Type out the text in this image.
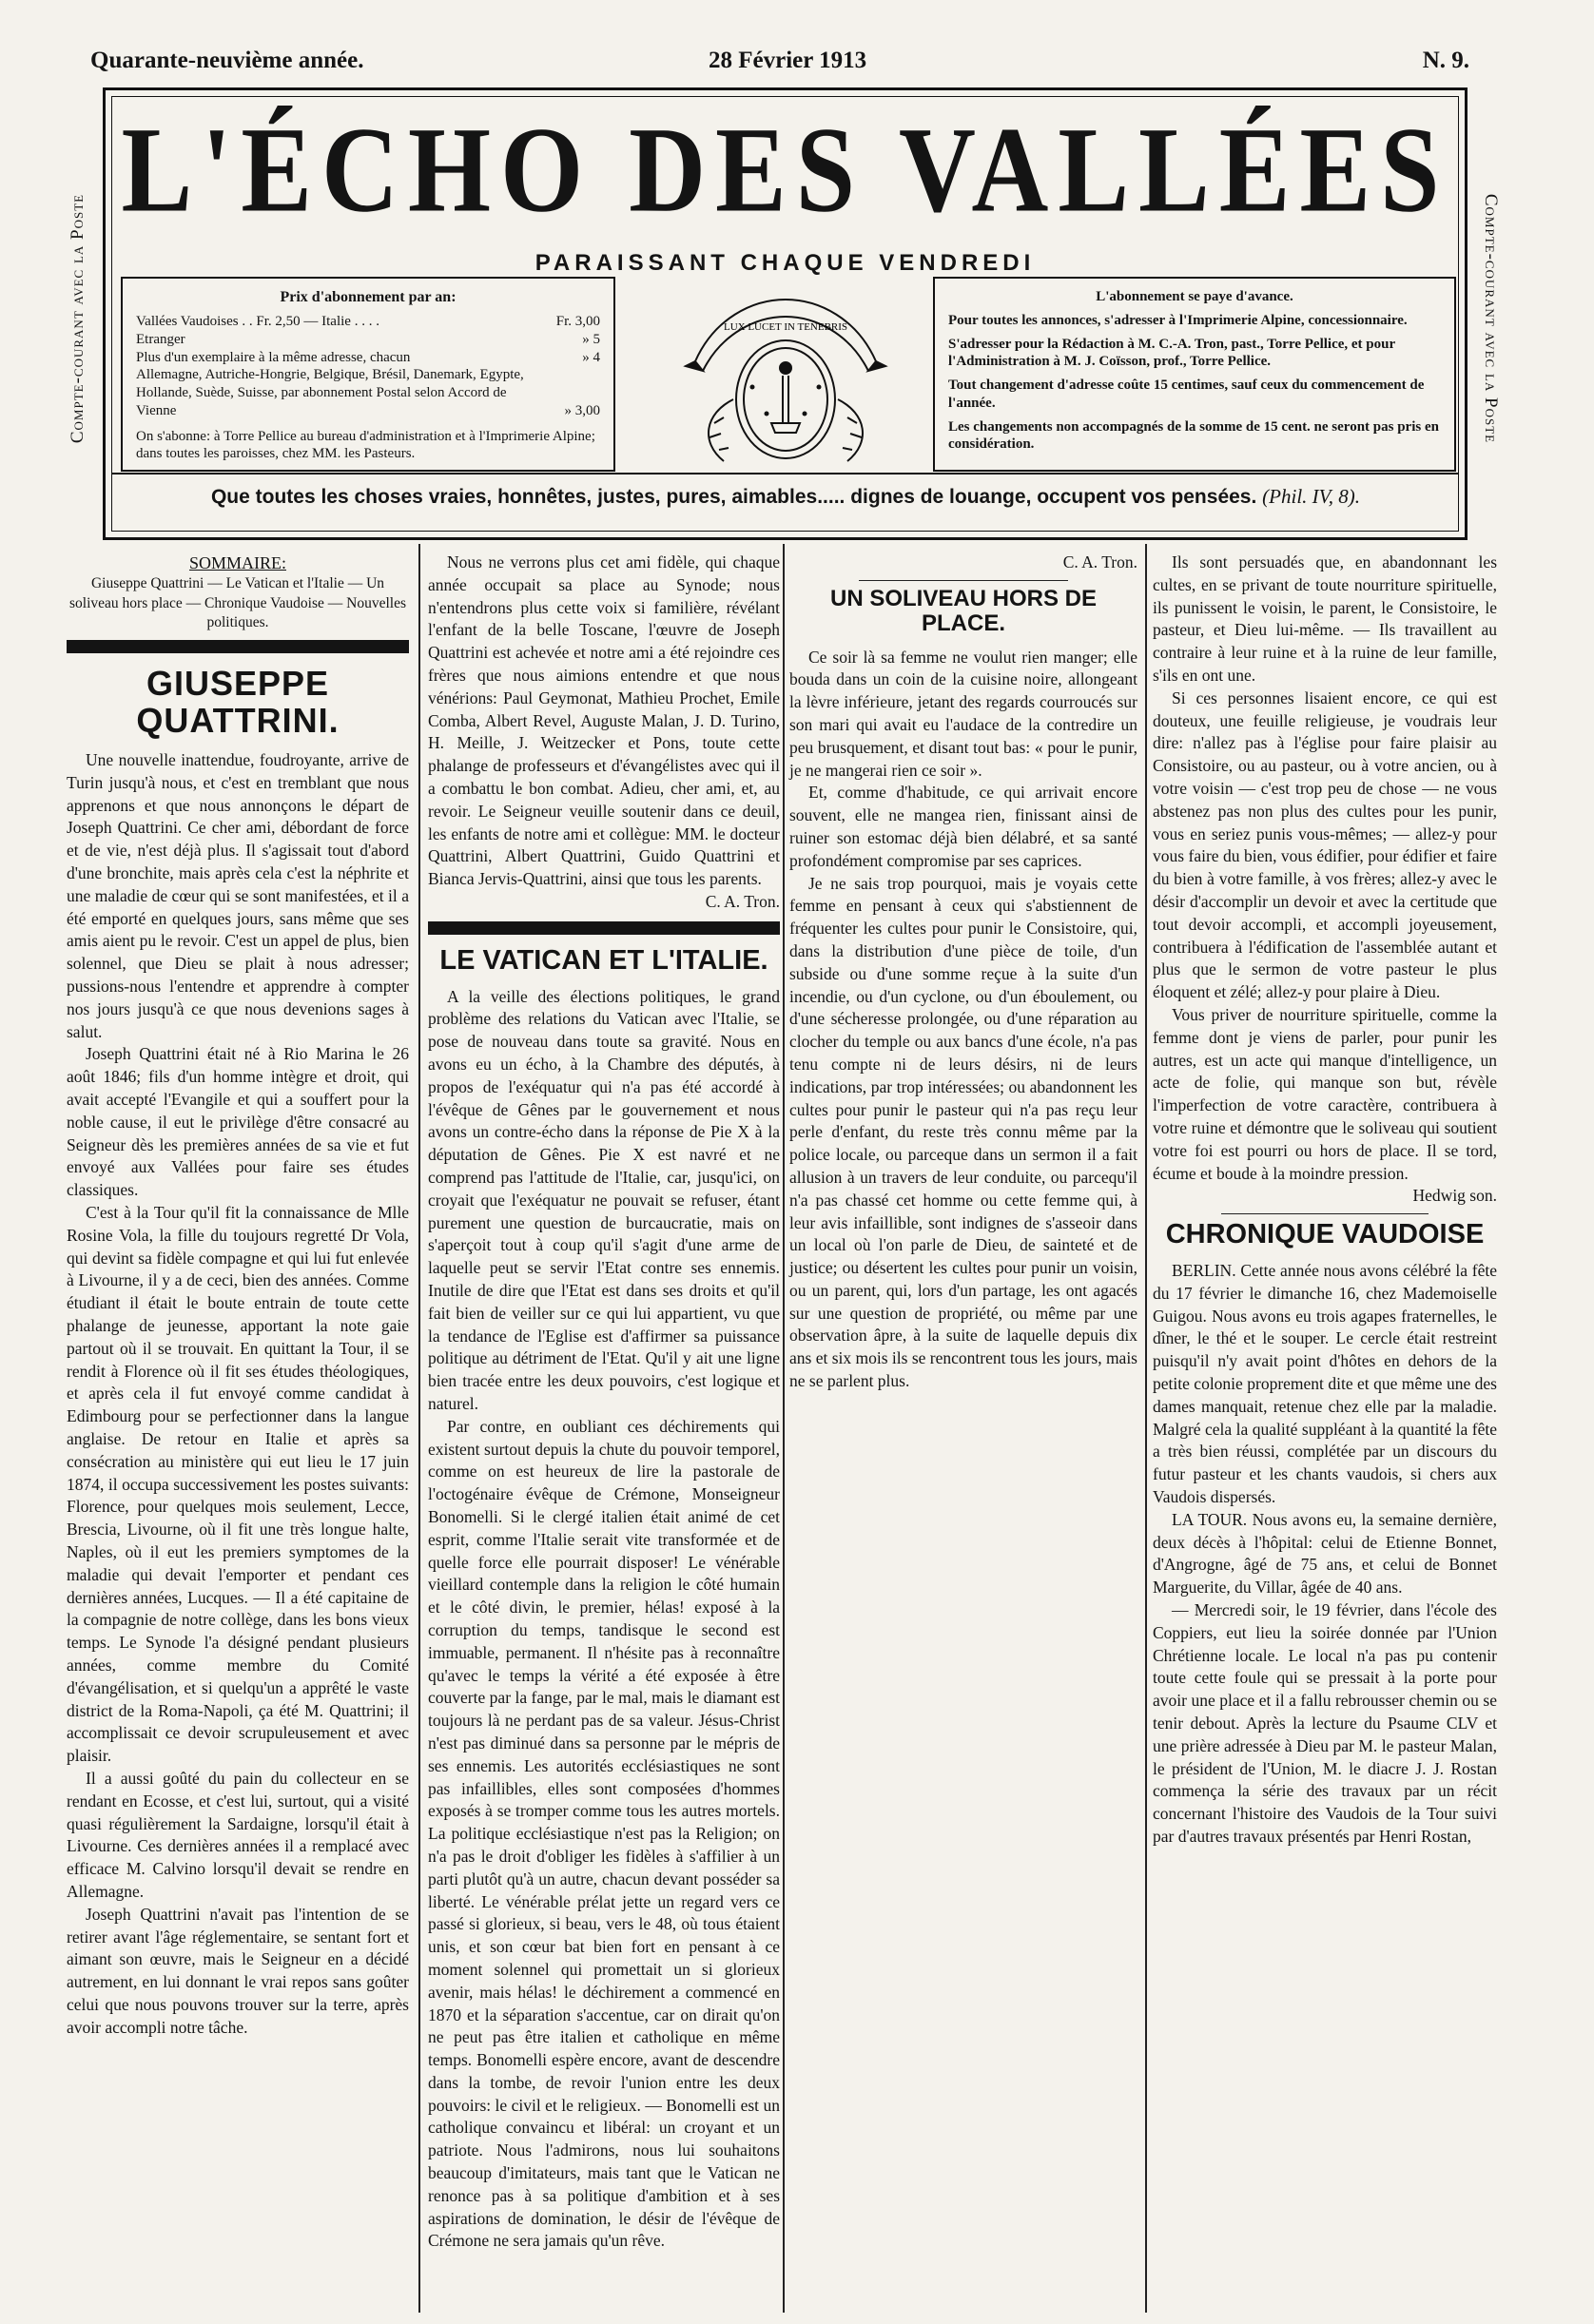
Quarante-neuvième année.	28 Février 1913	N. 9.
Compte-courant avec la Poste	Compte-courant avec la Poste
L'ÉCHO DES VALLÉES
PARAISSANT CHAQUE VENDREDI
Prix d'abonnement par an:
Vallées Vaudoises . . Fr. 2,50 — Italie . . . .	Fr. 3,00
Etranger	» 5
Plus d'un exemplaire à la même adresse, chacun	» 4
Allemagne, Autriche-Hongrie, Belgique, Brésil, Danemark, Egypte, Hollande, Suède, Suisse, par abonnement Postal selon Accord de Vienne	» 3,00
On s'abonne: à Torre Pellice au bureau d'administration et à l'Imprimerie Alpine; dans toutes les paroisses, chez MM. les Pasteurs.
LUX LUCET IN TENEBRIS

L'abonnement se paye d'avance.

Pour toutes les annonces, s'adresser à l'Imprimerie Alpine, concessionnaire.

S'adresser pour la Rédaction à M. C.-A. Tron, past., Torre Pellice, et pour l'Administration à M. J. Coïsson, prof., Torre Pellice.

Tout changement d'adresse coûte 15 centimes, sauf ceux du commencement de l'année.

Les changements non accompagnés de la somme de 15 cent. ne seront pas pris en considération.

Que toutes les choses vraies, honnêtes, justes, pures, aimables..... dignes de louange, occupent vos pensées. (Phil. IV, 8).
SOMMAIRE:
Giuseppe Quattrini — Le Vatican et l'Italie — Un soliveau hors place — Chronique Vaudoise — Nouvelles politiques.
GIUSEPPE QUATTRINI.

Une nouvelle inattendue, foudroyante, arrive de Turin jusqu'à nous, et c'est en tremblant que nous apprenons et que nous annonçons le départ de Joseph Quattrini. Ce cher ami, débordant de force et de vie, n'est déjà plus. Il s'agissait tout d'abord d'une bronchite, mais après cela c'est la néphrite et une maladie de cœur qui se sont manifestées, et il a été emporté en quelques jours, sans même que ses amis aient pu le revoir. C'est un appel de plus, bien solennel, que Dieu se plait à nous adresser; pussions-nous l'entendre et apprendre à compter nos jours jusqu'à ce que nous devenions sages à salut.

Joseph Quattrini était né à Rio Marina le 26 août 1846; fils d'un homme intègre et droit, qui avait accepté l'Evangile et qui a souffert pour la noble cause, il eut le privilège d'être consacré au Seigneur dès les premières années de sa vie et fut envoyé aux Vallées pour faire ses études classiques.

C'est à la Tour qu'il fit la connaissance de Mlle Rosine Vola, la fille du toujours regretté Dr Vola, qui devint sa fidèle compagne et qui lui fut enlevée à Livourne, il y a de ceci, bien des années. Comme étudiant il était le boute entrain de toute cette phalange de jeunesse, apportant la note gaie partout où il se trouvait. En quittant la Tour, il se rendit à Florence où il fit ses études théologiques, et après cela il fut envoyé comme candidat à Edimbourg pour se perfectionner dans la langue anglaise. De retour en Italie et après sa consécration au ministère qui eut lieu le 17 juin 1874, il occupa successivement les postes suivants: Florence, pour quelques mois seulement, Lecce, Brescia, Livourne, où il fit une très longue halte, Naples, où il eut les premiers symptomes de la maladie qui devait l'emporter et pendant ces dernières années, Lucques. — Il a été capitaine de la compagnie de notre collège, dans les bons vieux temps. Le Synode l'a désigné pendant plusieurs années, comme membre du Comité d'évangélisation, et si quelqu'un a apprêté le vaste district de la Roma-Napoli, ça été M. Quattrini; il accomplissait ce devoir scrupuleusement et avec plaisir.

Il a aussi goûté du pain du collecteur en se rendant en Ecosse, et c'est lui, surtout, qui a visité quasi régulièrement la Sardaigne, lorsqu'il était à Livourne. Ces dernières années il a remplacé avec efficace M. Calvino lorsqu'il devait se rendre en Allemagne.

Joseph Quattrini n'avait pas l'intention de se retirer avant l'âge réglementaire, se sentant fort et aimant son œuvre, mais le Seigneur en a décidé autrement, en lui donnant le vrai repos sans goûter celui que nous pouvons trouver sur la terre, après avoir accompli notre tâche.

Nous ne verrons plus cet ami fidèle, qui chaque année occupait sa place au Synode; nous n'entendrons plus cette voix si familière, révélant l'enfant de la belle Toscane, l'œuvre de Joseph Quattrini est achevée et notre ami a été rejoindre ces frères que nous aimions entendre et que nous vénérions: Paul Geymonat, Mathieu Prochet, Emile Comba, Albert Revel, Auguste Malan, J. D. Turino, H. Meille, J. Weitzecker et Pons, toute cette phalange de professeurs et d'évangélistes avec qui il a combattu le bon combat. Adieu, cher ami, et, au revoir. Le Seigneur veuille soutenir dans ce deuil, les enfants de notre ami et collègue: MM. le docteur Quattrini, Albert Quattrini, Guido Quattrini et Bianca Jervis-Quattrini, ainsi que tous les parents.

C. A. Tron.
LE VATICAN ET L'ITALIE.

A la veille des élections politiques, le grand problème des relations du Vatican avec l'Italie, se pose de nouveau dans toute sa gravité. Nous en avons eu un écho, à la Chambre des députés, à propos de l'exéquatur qui n'a pas été accordé à l'évêque de Gênes par le gouvernement et nous avons un contre-écho dans la réponse de Pie X à la députation de Gênes. Pie X est navré et ne comprend pas l'attitude de l'Italie, car, jusqu'ici, on croyait que l'exéquatur ne pouvait se refuser, étant purement une question de burcaucratie, mais on s'aperçoit tout à coup qu'il s'agit d'une arme de laquelle peut se servir l'Etat contre ses ennemis. Inutile de dire que l'Etat est dans ses droits et qu'il fait bien de veiller sur ce qui lui appartient, vu que la tendance de l'Eglise est d'affirmer sa puissance politique au détriment de l'Etat. Qu'il y ait une ligne bien tracée entre les deux pouvoirs, c'est logique et naturel.

Par contre, en oubliant ces déchirements qui existent surtout depuis la chute du pouvoir temporel, comme on est heureux de lire la pastorale de l'octogénaire évêque de Crémone, Monseigneur Bonomelli. Si le clergé italien était animé de cet esprit, comme l'Italie serait vite transformée et de quelle force elle pourrait disposer! Le vénérable vieillard contemple dans la religion le côté humain et le côté divin, le premier, hélas! exposé à la corruption du temps, tandisque le second est immuable, permanent. Il n'hésite pas à reconnaître qu'avec le temps la vérité a été exposée à être couverte par la fange, par le mal, mais le diamant est toujours là ne perdant pas de sa valeur. Jésus-Christ n'est pas diminué dans sa personne par le mépris de ses ennemis. Les autorités ecclésiastiques ne sont pas infaillibles, elles sont composées d'hommes exposés à se tromper comme tous les autres mortels. La politique ecclésiastique n'est pas la Religion; on n'a pas le droit d'obliger les fidèles à s'affilier à un parti plutôt qu'à un autre, chacun devant posséder sa liberté. Le vénérable prélat jette un regard vers ce passé si glorieux, si beau, vers le 48, où tous étaient unis, et son cœur bat bien fort en pensant à ce moment solennel qui promettait un si glorieux avenir, mais hélas! le déchirement a commencé en 1870 et la séparation s'accentue, car on dirait qu'on ne peut pas être italien et catholique en même temps. Bonomelli espère encore, avant de descendre dans la tombe, de revoir l'union entre les deux pouvoirs: le civil et le religieux. — Bonomelli est un catholique convaincu et libéral: un croyant et un patriote. Nous l'admirons, nous lui souhaitons beaucoup d'imitateurs, mais tant que le Vatican ne renonce pas à sa politique d'ambition et à ses aspirations de domination, le désir de l'évêque de Crémone ne sera jamais qu'un rêve.

C. A. Tron.
UN SOLIVEAU HORS DE PLACE.

Ce soir là sa femme ne voulut rien manger; elle bouda dans un coin de la cuisine noire, allongeant la lèvre inférieure, jetant des regards courroucés sur son mari qui avait eu l'audace de la contredire un peu brusquement, et disant tout bas: « pour le punir, je ne mangerai rien ce soir ».

Et, comme d'habitude, ce qui arrivait encore souvent, elle ne mangea rien, finissant ainsi de ruiner son estomac déjà bien délabré, et sa santé profondément compromise par ses caprices.

Je ne sais trop pourquoi, mais je voyais cette femme en pensant à ceux qui s'abstiennent de fréquenter les cultes pour punir le Consistoire, qui, dans la distribution d'une pièce de toile, d'un subside ou d'une somme reçue à la suite d'un incendie, ou d'un cyclone, ou d'un éboulement, ou d'une sécheresse prolongée, ou d'une réparation au clocher du temple ou aux bancs d'une école, n'a pas tenu compte ni de leurs désirs, ni de leurs indications, par trop intéressées; ou abandonnent les cultes pour punir le pasteur qui n'a pas reçu leur perle d'enfant, du reste très connu même par la police locale, ou parceque dans un sermon il a fait allusion à un travers de leur conduite, ou parcequ'il n'a pas chassé cet homme ou cette femme qui, à leur avis infaillible, sont indignes de s'asseoir dans un local où l'on parle de Dieu, de sainteté et de justice; ou désertent les cultes pour punir un voisin, ou un parent, qui, lors d'un partage, les ont agacés sur une question de propriété, ou même par une observation âpre, à la suite de laquelle depuis dix ans et six mois ils se rencontrent tous les jours, mais ne se parlent plus.

Ils sont persuadés que, en abandonnant les cultes, en se privant de toute nourriture spirituelle, ils punissent le voisin, le parent, le Consistoire, le pasteur, et Dieu lui-même. — Ils travaillent au contraire à leur ruine et à la ruine de leur famille, s'ils en ont une.

Si ces personnes lisaient encore, ce qui est douteux, une feuille religieuse, je voudrais leur dire: n'allez pas à l'église pour faire plaisir au Consistoire, ou au pasteur, ou à votre ancien, ou à votre voisin — c'est trop peu de chose — ne vous abstenez pas non plus des cultes pour les punir, vous en seriez punis vous-mêmes; — allez-y pour vous faire du bien, vous édifier, pour édifier et faire du bien à votre famille, à vos frères; allez-y avec le désir d'accomplir un devoir et avec la certitude que tout devoir accompli, et accompli joyeusement, contribuera à l'édification de l'assemblée autant et plus que le sermon de votre pasteur le plus éloquent et zélé; allez-y pour plaire à Dieu.

Vous priver de nourriture spirituelle, comme la femme dont je viens de parler, pour punir les autres, est un acte qui manque d'intelligence, un acte de folie, qui manque son but, révèle l'imperfection de votre caractère, contribuera à votre ruine et démontre que le soliveau qui soutient votre foi est pourri ou hors de place. Il se tord, écume et boude à la moindre pression.

Hedwig son.
CHRONIQUE VAUDOISE

BERLIN. Cette année nous avons célébré la fête du 17 février le dimanche 16, chez Mademoiselle Guigou. Nous avons eu trois agapes fraternelles, le dîner, le thé et le souper. Le cercle était restreint puisqu'il n'y avait point d'hôtes en dehors de la petite colonie proprement dite et que même une des dames manquait, retenue chez elle par la maladie. Malgré cela la qualité suppléant à la quantité la fête a très bien réussi, complétée par un discours du futur pasteur et les chants vaudois, si chers aux Vaudois dispersés.

LA TOUR. Nous avons eu, la semaine dernière, deux décès à l'hôpital: celui de Etienne Bonnet, d'Angrogne, âgé de 75 ans, et celui de Bonnet Marguerite, du Villar, âgée de 40 ans.

— Mercredi soir, le 19 février, dans l'école des Coppiers, eut lieu la soirée donnée par l'Union Chrétienne locale. Le local n'a pas pu contenir toute cette foule qui se pressait à la porte pour avoir une place et il a fallu rebrousser chemin ou se tenir debout. Après la lecture du Psaume CLV et une prière adressée à Dieu par M. le pasteur Malan, le président de l'Union, M. le diacre J. J. Rostan commença la série des travaux par un récit concernant l'histoire des Vaudois de la Tour suivi par d'autres travaux présentés par Henri Rostan,
